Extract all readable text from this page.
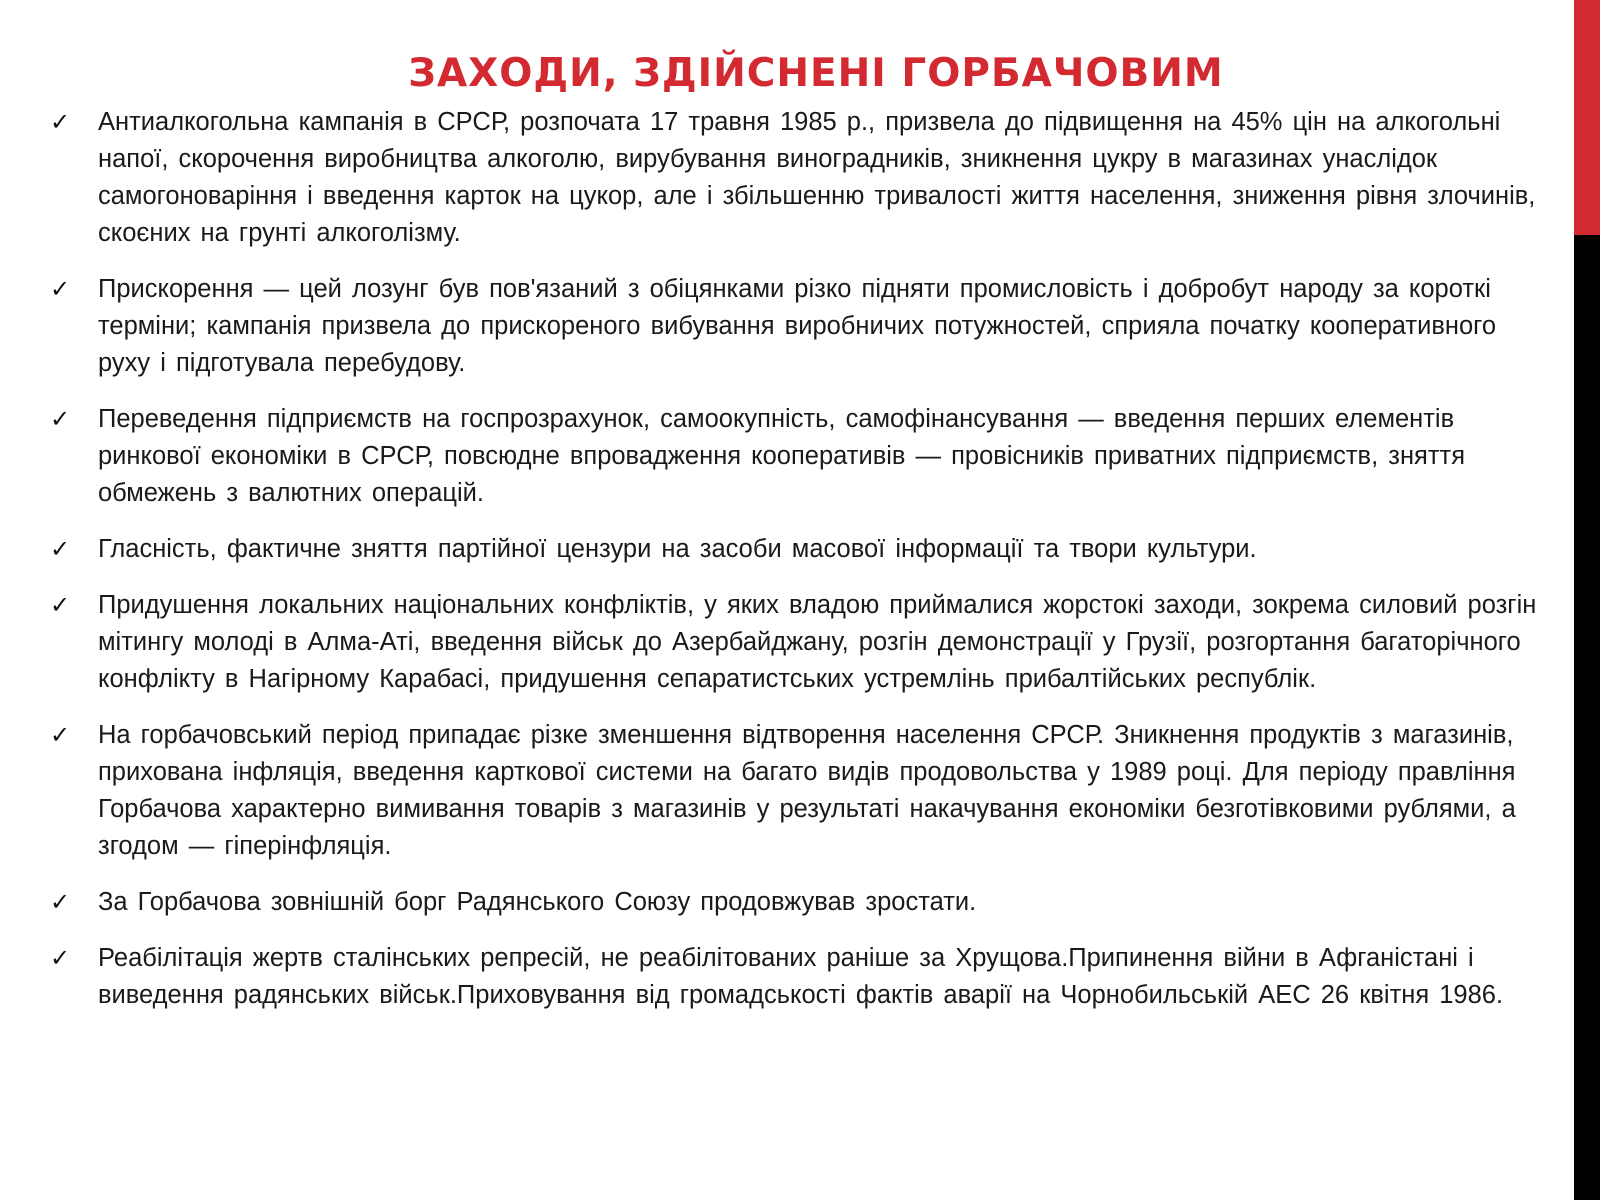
ЗАХОДИ, ЗДІЙСНЕНІ ГОРБАЧОВИМ
✓ Антиалкогольна кампанія в СРСР, розпочата 17 травня 1985 р., призвела до підвищення на 45% цін на алкогольні напої, скорочення виробництва алкоголю, вирубування виноградників, зникнення цукру в магазинах унаслідок самогоноваріння і введення карток на цукор, але і збільшенню тривалості життя населення, зниження рівня злочинів, скоєних на грунті алкоголізму.
✓ Прискорення — цей лозунг був пов'язаний з обіцянками різко підняти промисловість і добробут народу за короткі терміни; кампанія призвела до прискореного вибування виробничих потужностей, сприяла початку кооперативного руху і підготувала перебудову.
✓ Переведення підприємств на госпрозрахунок, самоокупність, самофінансування — введення перших елементів ринкової економіки в СРСР, повсюдне впровадження кооперативів — провісників приватних підприємств, зняття обмежень з валютних операцій.
✓ Гласність, фактичне зняття партійної цензури на засоби масової інформації та твори культури.
✓ Придушення локальних національних конфліктів, у яких владою приймалися жорстокі заходи, зокрема силовий розгін мітингу молоді в Алма-Аті, введення військ до Азербайджану, розгін демонстрації у Грузії, розгортання багаторічного конфлікту в Нагірному Карабасі, придушення сепаратистських устремлінь прибалтійських республік.
✓ На горбачовський період припадає різке зменшення відтворення населення СРСР. Зникнення продуктів з магазинів, прихована інфляція, введення карткової системи на багато видів продовольства у 1989 році. Для періоду правління Горбачова характерно вимивання товарів з магазинів у результаті накачування економіки безготівковими рублями, а згодом — гіперінфляція.
✓ За Горбачова зовнішній борг Радянського Союзу продовжував зростати.
✓ Реабілітація жертв сталінських репресій, не реабілітованих раніше за Хрущова.Припинення війни в Афганістані і виведення радянських військ.Приховування від громадськості фактів аварії на Чорнобильській АЕС 26 квітня 1986.
